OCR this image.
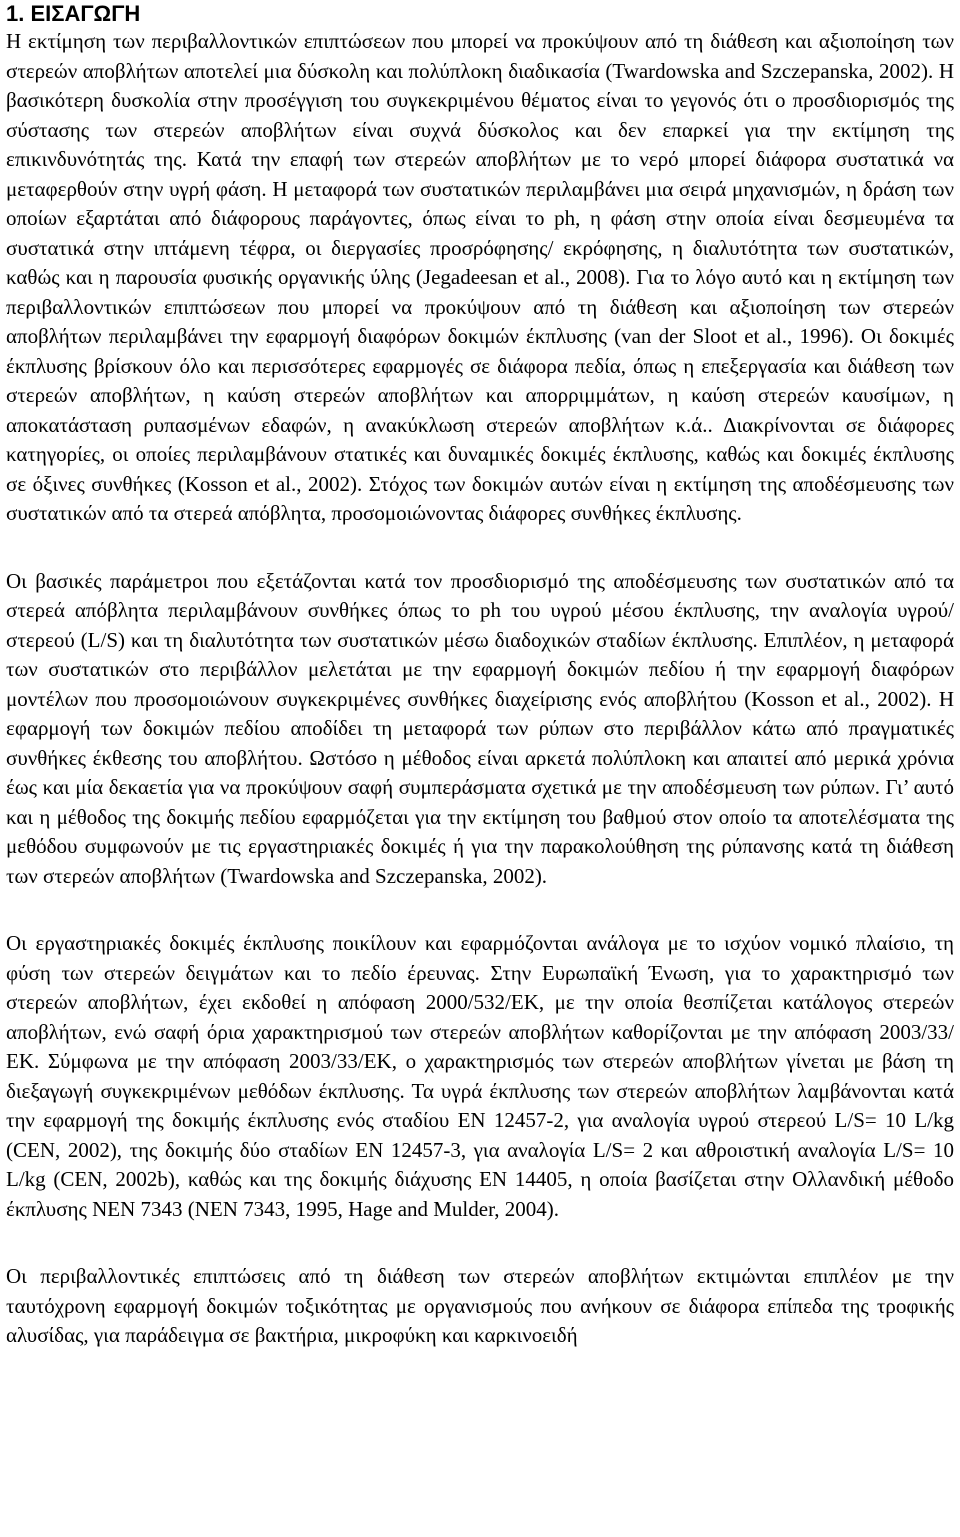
1. ΕΙΣΑΓΩΓΗ

Η εκτίμηση των περιβαλλοντικών επιπτώσεων που μπορεί να προκύψουν από τη διάθεση και αξιοποίηση των στερεών αποβλήτων αποτελεί μια δύσκολη και πολύπλοκη διαδικασία (Twardowska and Szczepanska, 2002). Η βασικότερη δυσκολία στην προσέγγιση του συγκεκριμένου θέματος είναι το γεγονός ότι ο προσδιορισμός της σύστασης των στερεών αποβλήτων είναι συχνά δύσκολος και δεν επαρκεί για την εκτίμηση της επικινδυνότητάς της. Κατά την επαφή των στερεών αποβλήτων με το νερό μπορεί διάφορα συστατικά να μεταφερθούν στην υγρή φάση. Η μεταφορά των συστατικών περιλαμβάνει μια σειρά μηχανισμών, η δράση των οποίων εξαρτάται από διάφορους παράγοντες, όπως είναι το ph, η φάση στην οποία είναι δεσμευμένα τα συστατικά στην ιπτάμενη τέφρα, οι διεργασίες προσρόφησης/ εκρόφησης, η διαλυτότητα των συστατικών, καθώς και η παρουσία φυσικής οργανικής ύλης (Jegadeesan et al., 2008). Για το λόγο αυτό και η εκτίμηση των περιβαλλοντικών επιπτώσεων που μπορεί να προκύψουν από τη διάθεση και αξιοποίηση των στερεών αποβλήτων περιλαμβάνει την εφαρμογή διαφόρων δοκιμών έκπλυσης (van der Sloot et al., 1996). Οι δοκιμές έκπλυσης βρίσκουν όλο και περισσότερες εφαρμογές σε διάφορα πεδία, όπως η επεξεργασία και διάθεση των στερεών αποβλήτων, η καύση στερεών αποβλήτων και απορριμμάτων, η καύση στερεών καυσίμων, η αποκατάσταση ρυπασμένων εδαφών, η ανακύκλωση στερεών αποβλήτων κ.ά.. Διακρίνονται σε διάφορες κατηγορίες, οι οποίες περιλαμβάνουν στατικές και δυναμικές δοκιμές έκπλυσης, καθώς και δοκιμές έκπλυσης σε όξινες συνθήκες (Kosson et al., 2002). Στόχος των δοκιμών αυτών είναι η εκτίμηση της αποδέσμευσης των συστατικών από τα στερεά απόβλητα, προσομοιώνοντας διάφορες συνθήκες έκπλυσης.

Οι βασικές παράμετροι που εξετάζονται κατά τον προσδιορισμό της αποδέσμευσης των συστατικών από τα στερεά απόβλητα περιλαμβάνουν συνθήκες όπως το ph του υγρού μέσου έκπλυσης, την αναλογία υγρού/στερεού (L/S) και τη διαλυτότητα των συστατικών μέσω διαδοχικών σταδίων έκπλυσης. Επιπλέον, η μεταφορά των συστατικών στο περιβάλλον μελετάται με την εφαρμογή δοκιμών πεδίου ή την εφαρμογή διαφόρων μοντέλων που προσομοιώνουν συγκεκριμένες συνθήκες διαχείρισης ενός αποβλήτου (Kosson et al., 2002). Η εφαρμογή των δοκιμών πεδίου αποδίδει τη μεταφορά των ρύπων στο περιβάλλον κάτω από πραγματικές συνθήκες έκθεσης του αποβλήτου. Ωστόσο η μέθοδος είναι αρκετά πολύπλοκη και απαιτεί από μερικά χρόνια έως και μία δεκαετία για να προκύψουν σαφή συμπεράσματα σχετικά με την αποδέσμευση των ρύπων. Γι’ αυτό και η μέθοδος της δοκιμής πεδίου εφαρμόζεται για την εκτίμηση του βαθμού στον οποίο τα αποτελέσματα της μεθόδου συμφωνούν με τις εργαστηριακές δοκιμές ή για την παρακολούθηση της ρύπανσης κατά τη διάθεση των στερεών αποβλήτων (Twardowska and Szczepanska, 2002).

Οι εργαστηριακές δοκιμές έκπλυσης ποικίλουν και εφαρμόζονται ανάλογα με το ισχύον νομικό πλαίσιο, τη φύση των στερεών δειγμάτων και το πεδίο έρευνας. Στην Ευρωπαϊκή Ένωση, για το χαρακτηρισμό των στερεών αποβλήτων, έχει εκδοθεί η απόφαση 2000/532/ΕΚ, με την οποία θεσπίζεται κατάλογος στερεών αποβλήτων, ενώ σαφή όρια χαρακτηρισμού των στερεών αποβλήτων καθορίζονται με την απόφαση 2003/33/ΕΚ. Σύμφωνα με την απόφαση 2003/33/ΕΚ, ο χαρακτηρισμός των στερεών αποβλήτων γίνεται με βάση τη διεξαγωγή συγκεκριμένων μεθόδων έκπλυσης. Τα υγρά έκπλυσης των στερεών αποβλήτων λαμβάνονται κατά την εφαρμογή της δοκιμής έκπλυσης ενός σταδίου EN 12457-2, για αναλογία υγρού στερεού L/S= 10 L/kg (CEN, 2002), της δοκιμής δύο σταδίων EN 12457-3, για αναλογία L/S= 2 και αθροιστική αναλογία L/S= 10 L/kg (CEN, 2002b), καθώς και της δοκιμής διάχυσης EN 14405, η οποία βασίζεται στην Ολλανδική μέθοδο έκπλυσης NEN 7343 (NEN 7343, 1995, Hage and Mulder, 2004).

Οι περιβαλλοντικές επιπτώσεις από τη διάθεση των στερεών αποβλήτων εκτιμώνται επιπλέον με την ταυτόχρονη εφαρμογή δοκιμών τοξικότητας με οργανισμούς που ανήκουν σε διάφορα επίπεδα της τροφικής αλυσίδας, για παράδειγμα σε βακτήρια, μικροφύκη και καρκινοειδή
